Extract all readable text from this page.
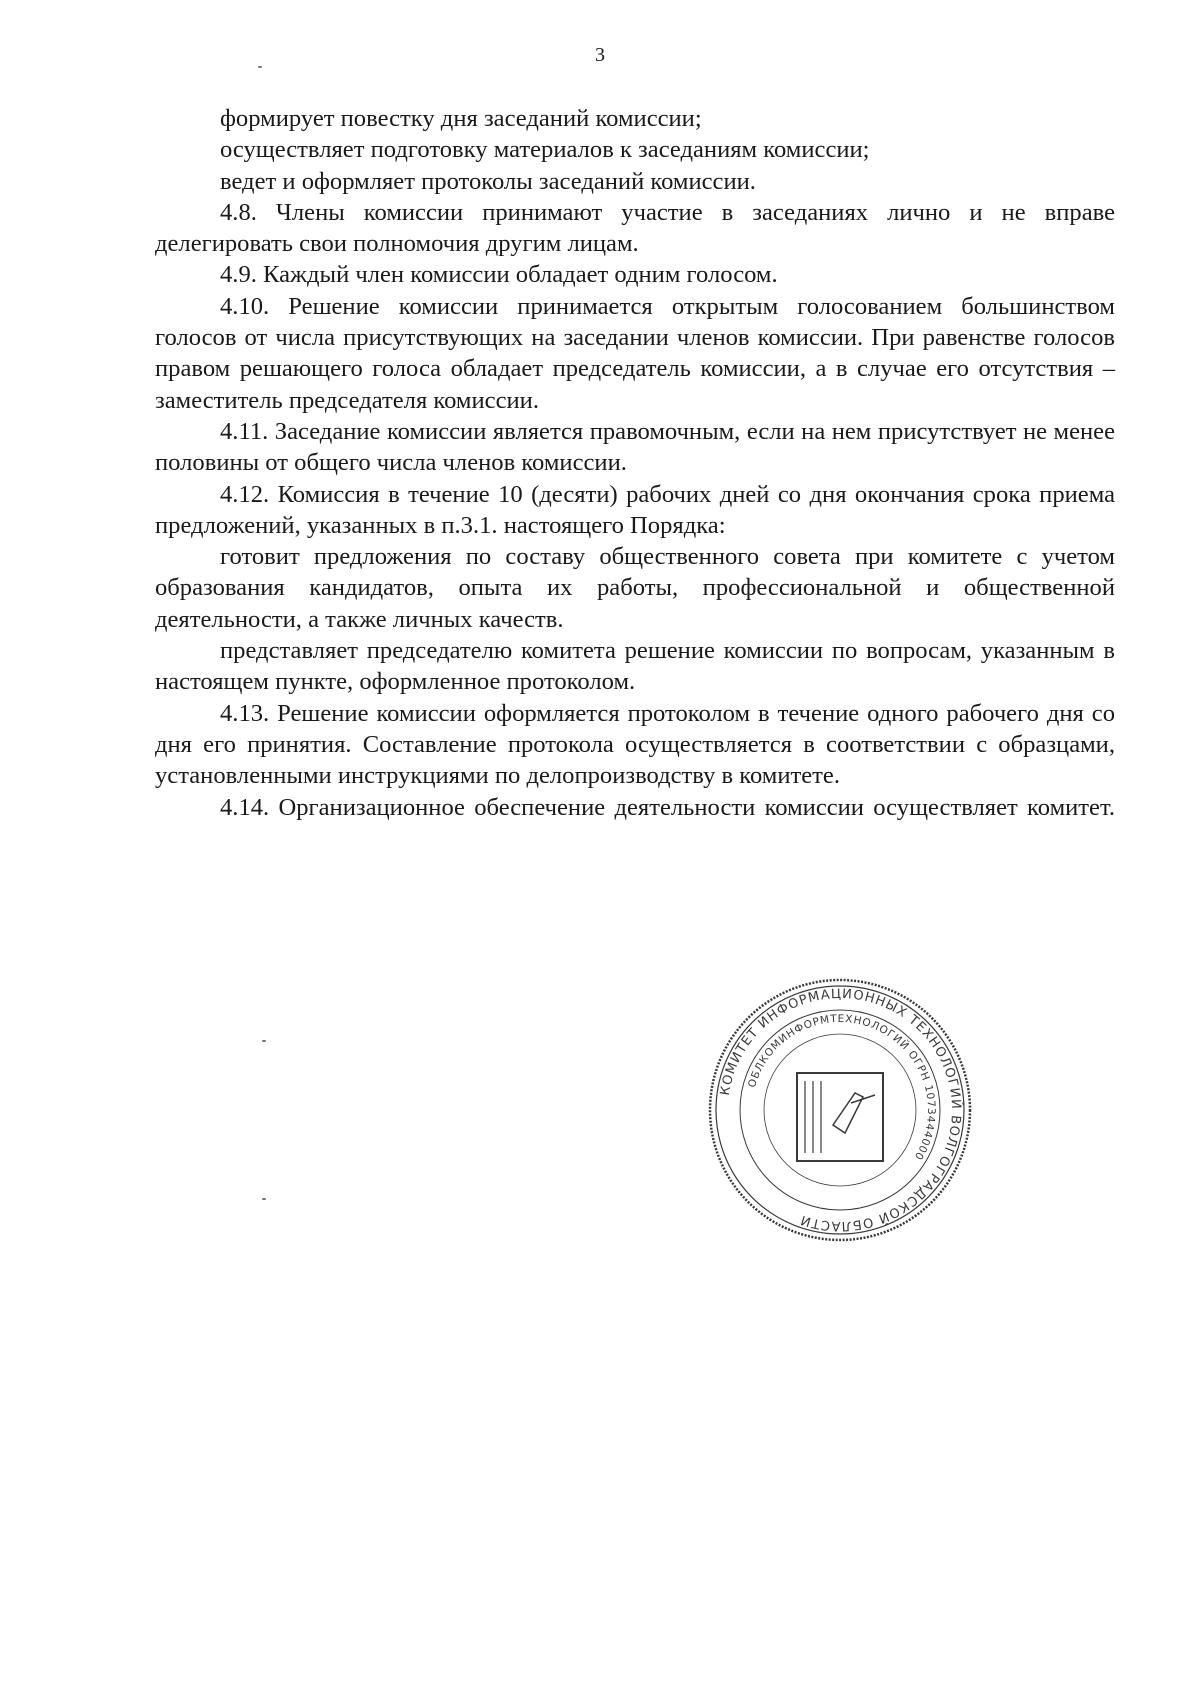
3

формирует повестку дня заседаний комиссии;

осуществляет подготовку материалов к заседаниям комиссии;

ведет и оформляет протоколы заседаний комиссии.

4.8. Члены комиссии принимают участие в заседаниях лично и не вправе делегировать свои полномочия другим лицам.

4.9. Каждый член комиссии обладает одним голосом.

4.10. Решение комиссии принимается открытым голосованием большинством голосов от числа присутствующих на заседании членов комиссии. При равенстве голосов правом решающего голоса обладает председатель комиссии, а в случае его отсутствия – заместитель председателя комиссии.

4.11. Заседание комиссии является правомочным, если на нем присутствует не менее половины от общего числа членов комиссии.

4.12. Комиссия в течение 10 (десяти) рабочих дней со дня окончания срока приема предложений, указанных в п.3.1. настоящего Порядка:

готовит предложения по составу общественного совета при комитете с учетом образования кандидатов, опыта их работы, профессиональной и общественной деятельности, а также личных качеств.

представляет председателю комитета решение комиссии по вопросам, указанным в настоящем пункте, оформленное протоколом.

4.13. Решение комиссии оформляется протоколом в течение одного рабочего дня со дня его принятия. Составление протокола осуществляется в соответствии с образцами, установленными инструкциями по делопроизводству в комитете.

4.14. Организационное обеспечение деятельности комиссии осуществляет комитет.

КОМИТЕТ ИНФОРМАЦИОННЫХ ТЕХНОЛОГИЙ ВОЛГОГРАДСКОЙ ОБЛАСТИ
ОБЛКОМИНФОРМТЕХНОЛОГИЙ ОГРН 1073444000
